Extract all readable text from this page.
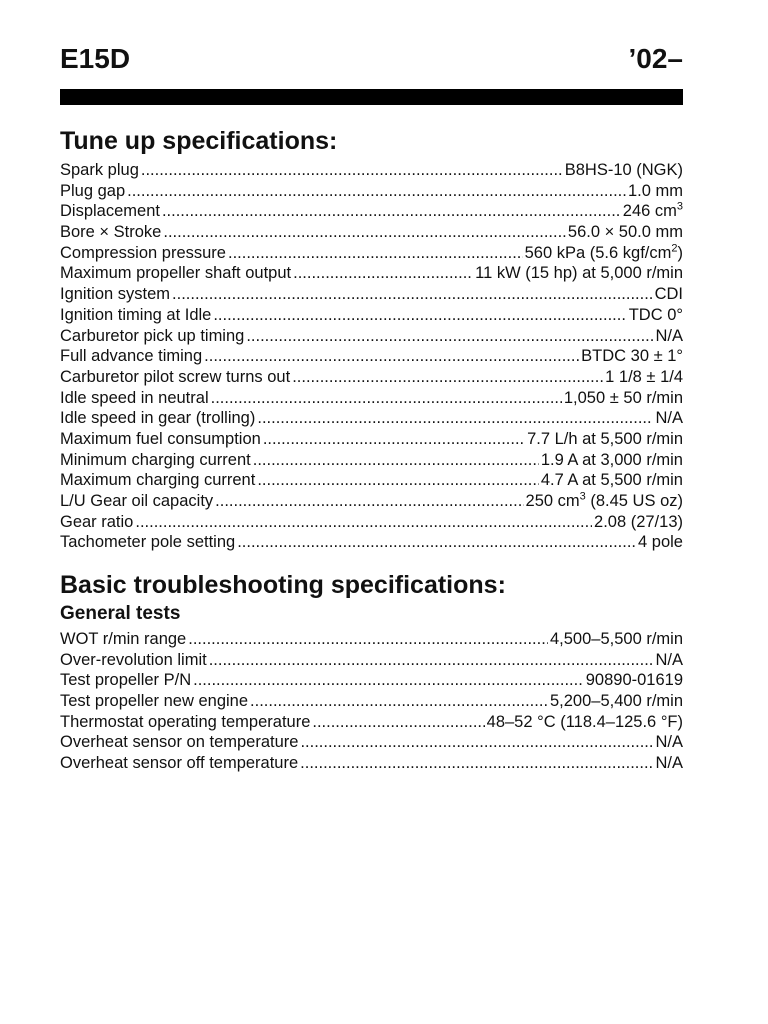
E15D	’02–
Tune up specifications:
Spark plug .....	B8HS-10 (NGK)
Plug gap .....	1.0 mm
Displacement .....	246 $cm^3$
Bore × Stroke .....	56.0 × 50.0 mm
Compression pressure .....	560 kPa (5.6 kgf/$cm^2$)
Maximum propeller shaft output .....	11 kW (15 hp) at 5,000 r/min
Ignition system .....	CDI
Ignition timing at Idle .....	TDC 0°
Carburetor pick up timing .....	N/A
Full advance timing .....	BTDC 30 ± 1°
Carburetor pilot screw turns out .....	1 1/8 ± 1/4
Idle speed in neutral .....	1,050 ± 50 r/min
Idle speed in gear (trolling) .....	N/A
Maximum fuel consumption .....	7.7 L/h at 5,500 r/min
Minimum charging current .....	1.9 A at 3,000 r/min
Maximum charging current .....	4.7 A at 5,500 r/min
L/U Gear oil capacity .....	250 $cm^3$ (8.45 US oz)
Gear ratio .....	2.08 (27/13)
Tachometer pole setting .....	4 pole
Basic troubleshooting specifications:
General tests
WOT r/min range .....	4,500–5,500 r/min
Over-revolution limit .....	N/A
Test propeller P/N .....	90890-01619
Test propeller new engine .....	5,200–5,400 r/min
Thermostat operating temperature .....	48–52 °C (118.4–125.6 °F)
Overheat sensor on temperature .....	N/A
Overheat sensor off temperature .....	N/A
